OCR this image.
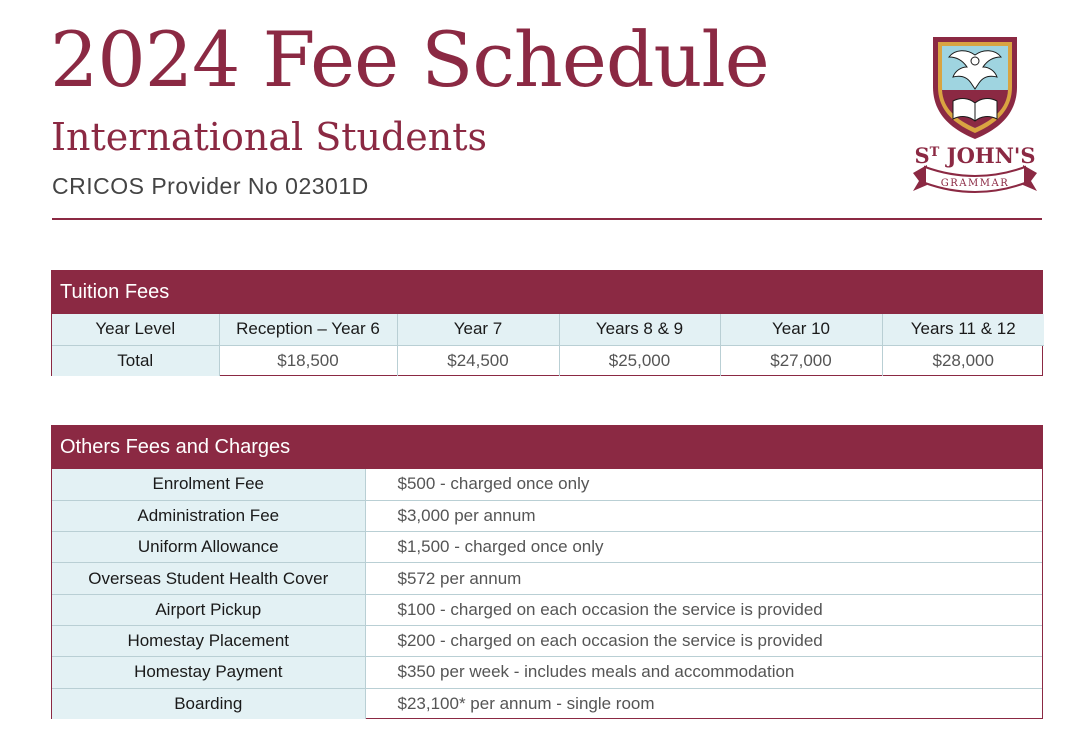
2024 Fee Schedule
International Students
CRICOS Provider No 02301D
$S^T$ JOHN'S
GRAMMAR
Tuition Fees
Year Level	Reception – Year 6	Year 7	Years 8 & 9	Year 10	Years 11 & 12
Total	$18,500	$24,500	$25,000	$27,000	$28,000
Others Fees and Charges
Enrolment Fee	$500 - charged once only
Administration Fee	$3,000 per annum
Uniform Allowance	$1,500 - charged once only
Overseas Student Health Cover	$572 per annum
Airport Pickup	$100 - charged on each occasion the service is provided
Homestay Placement	$200 - charged on each occasion the service is provided
Homestay Payment	$350 per week - includes meals and accommodation
Boarding	$23,100* per annum - single room
